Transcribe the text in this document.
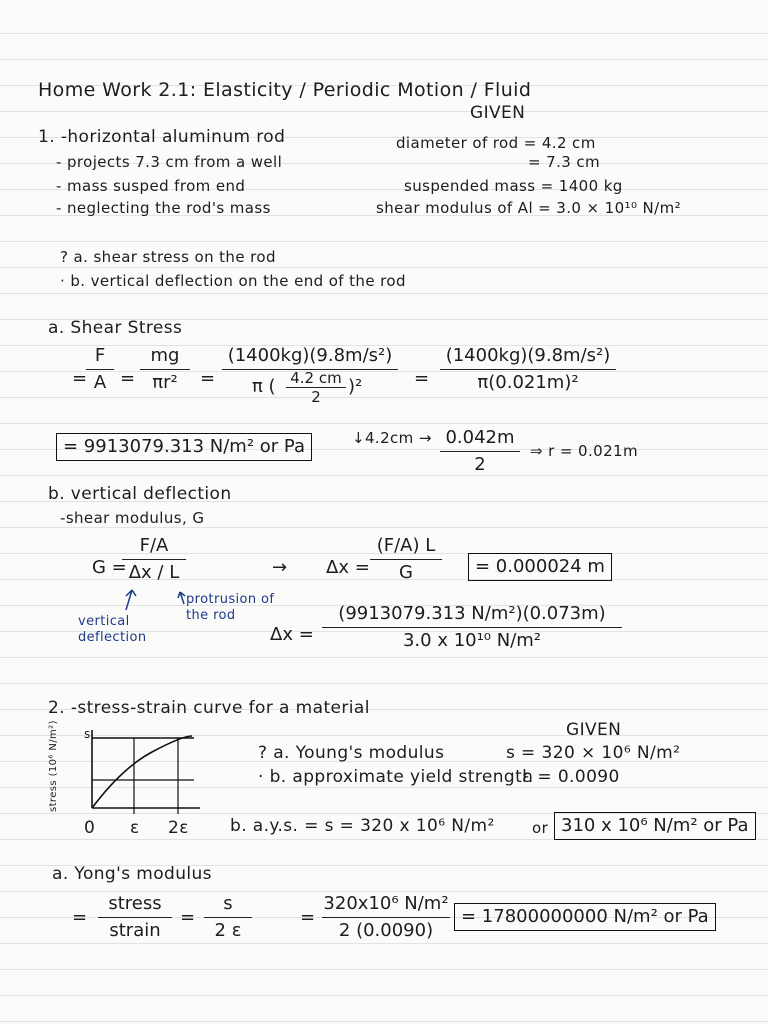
Home Work 2.1: Elasticity / Periodic Motion / Fluid
GIVEN
diameter of rod = 4.2 cm
= 7.3 cm
suspended mass = 1400 kg
shear modulus of Al = 3.0 × 10¹⁰ N/m²
1. -horizontal aluminum rod
- projects 7.3 cm from a well
- mass susped from end
- neglecting the rod's mass
? a. shear stress on the rod
· b. vertical deflection on the end of the rod
a. Shear Stress
=
F
A =
mg
πr²	=
(1400kg)(9.8m/s²)
π ( 4.2 cm
2	)²	=
(1400kg)(9.8m/s²)
π(0.021m)²
= 9913079.313 N/m² or Pa	↓4.2cm → 0.042m
2
⇒ r = 0.021m
b. vertical deflection
-shear modulus, G
G =
F/A
Δx / L	→ Δx =
(F/A) L
G	= 0.000024 m
vertical deflection
protrusion of the rod
Δx =
(9913079.313 N/m²)(0.073m)
3.0 x 10¹⁰ N/m²
2. -stress-strain curve for a material
GIVEN
s = 320 × 10⁶ N/m²
ε = 0.0090
? a. Young's modulus
· b. approximate yield strength
s
stress (10⁶ N/m²)
0 ε 2ε b. a.y.s. = s = 320 x 10⁶ N/m² or 310 x 10⁶ N/m² or Pa
a. Yong's modulus
=
stress
strain
=
s
2 ε
=
320x10⁶ N/m²
2 (0.0090)
= 17800000000 N/m² or Pa
